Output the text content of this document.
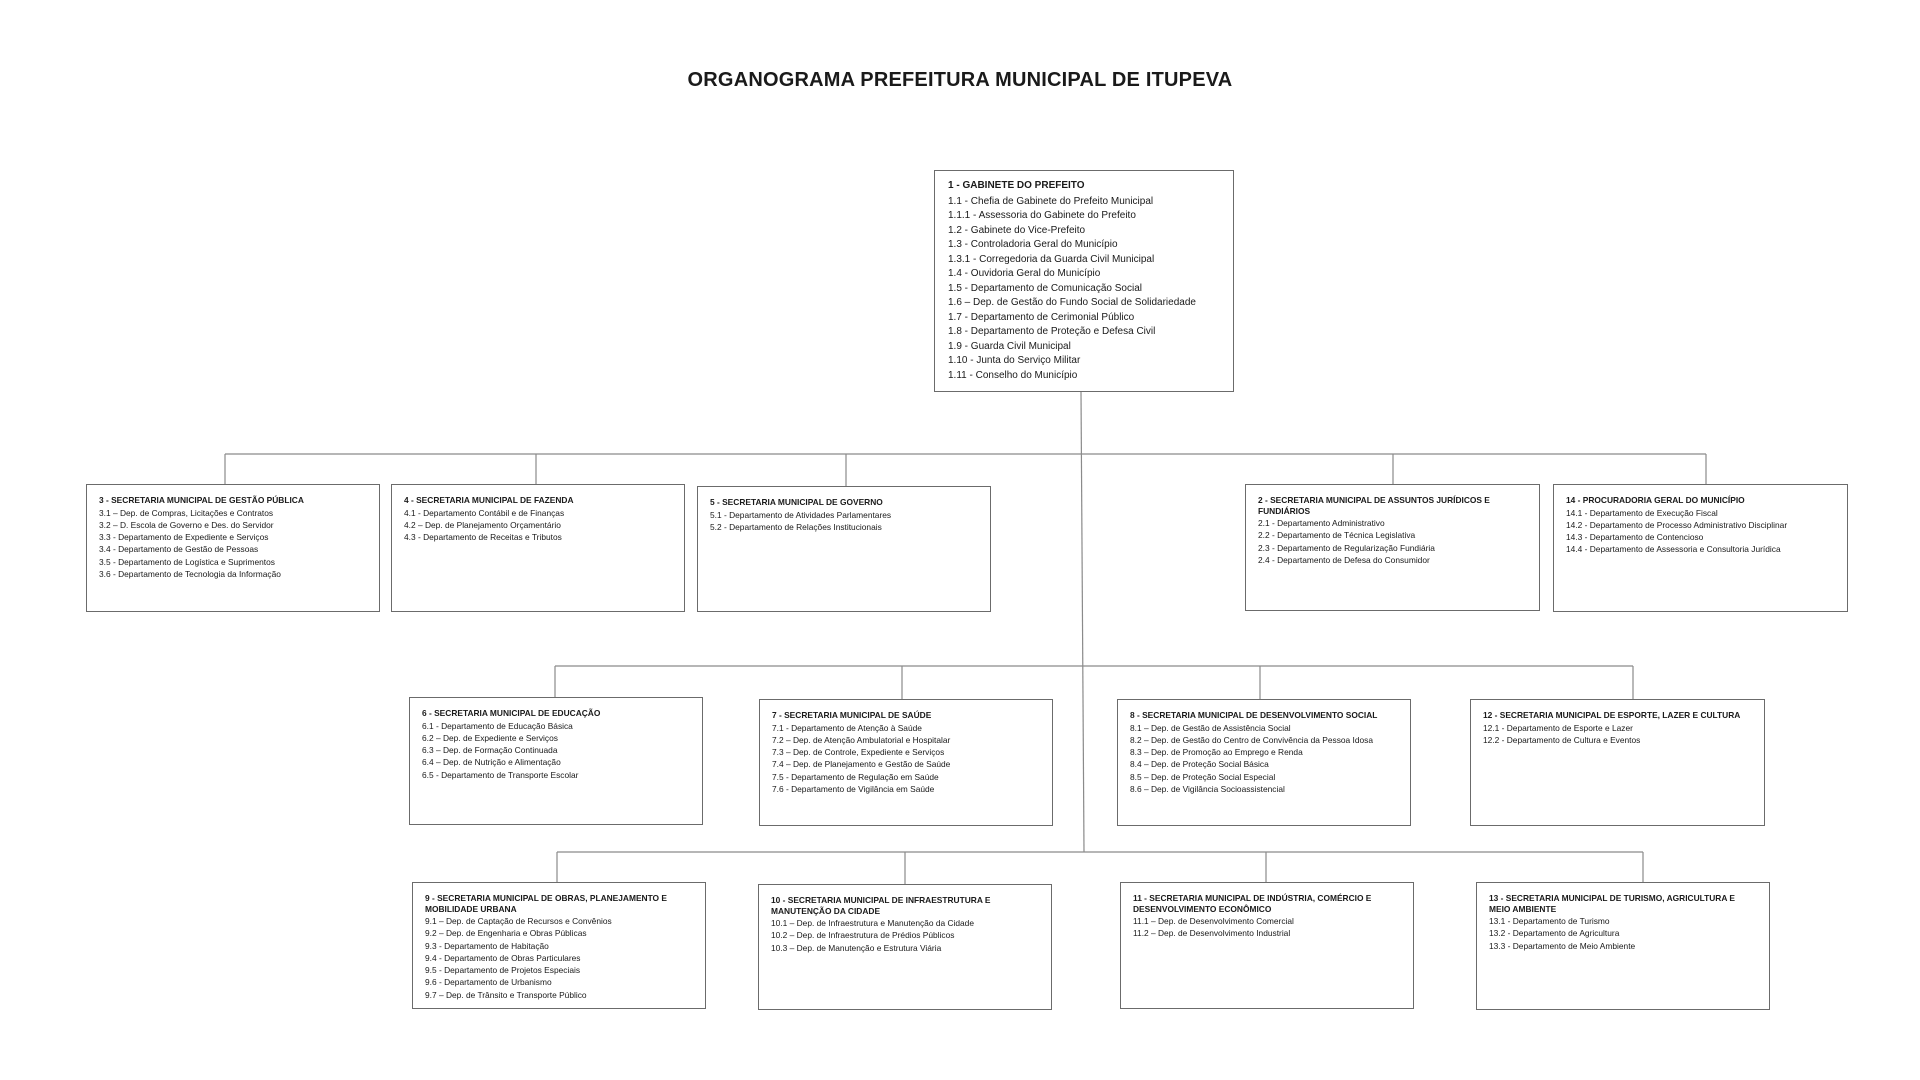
ORGANOGRAMA PREFEITURA MUNICIPAL DE ITUPEVA
1 - GABINETE DO PREFEITO
1.1 - Chefia de Gabinete do Prefeito Municipal
1.1.1 - Assessoria do Gabinete do Prefeito
1.2 - Gabinete do Vice-Prefeito
1.3 - Controladoria Geral do Município
1.3.1 - Corregedoria da Guarda Civil Municipal
1.4 - Ouvidoria Geral do Município
1.5 - Departamento de Comunicação Social
1.6 – Dep. de Gestão do Fundo Social de Solidariedade
1.7 - Departamento de Cerimonial Público
1.8 - Departamento de Proteção e Defesa Civil
1.9 - Guarda Civil Municipal
1.10 - Junta do Serviço Militar
1.11 - Conselho do Município
3 - SECRETARIA MUNICIPAL DE GESTÃO PÚBLICA
3.1 – Dep. de Compras, Licitações e Contratos
3.2 – D. Escola de Governo e Des. do Servidor
3.3 - Departamento de Expediente e Serviços
3.4 - Departamento de Gestão de Pessoas
3.5 - Departamento de Logística e Suprimentos
3.6 - Departamento de Tecnologia da Informação
4 - SECRETARIA MUNICIPAL DE FAZENDA
4.1 - Departamento Contábil e de Finanças
4.2 – Dep. de Planejamento Orçamentário
4.3 - Departamento de Receitas e Tributos
5 - SECRETARIA MUNICIPAL DE GOVERNO
5.1 - Departamento de Atividades Parlamentares
5.2 - Departamento de Relações Institucionais
2 - SECRETARIA MUNICIPAL DE ASSUNTOS JURÍDICOS E FUNDIÁRIOS
2.1 - Departamento Administrativo
2.2 - Departamento de Técnica Legislativa
2.3 - Departamento de Regularização Fundiária
2.4 - Departamento de Defesa do Consumidor
14 - PROCURADORIA GERAL DO MUNICÍPIO
14.1 - Departamento de Execução Fiscal
14.2 - Departamento de Processo Administrativo Disciplinar
14.3 - Departamento de Contencioso
14.4 - Departamento de Assessoria e Consultoria Jurídica
6 - SECRETARIA MUNICIPAL DE EDUCAÇÃO
6.1 - Departamento de Educação Básica
6.2 – Dep. de Expediente e Serviços
6.3 – Dep. de Formação Continuada
6.4 – Dep. de Nutrição e Alimentação
6.5 - Departamento de Transporte Escolar
7 - SECRETARIA MUNICIPAL DE SAÚDE
7.1 - Departamento de Atenção à Saúde
7.2 – Dep. de Atenção Ambulatorial e Hospitalar
7.3 – Dep. de Controle, Expediente e Serviços
7.4 – Dep. de Planejamento e Gestão de Saúde
7.5 - Departamento de Regulação em Saúde
7.6 - Departamento de Vigilância em Saúde
8 - SECRETARIA MUNICIPAL DE DESENVOLVIMENTO SOCIAL
8.1 – Dep. de Gestão de Assistência Social
8.2 – Dep. de Gestão do Centro de Convivência da Pessoa Idosa
8.3 – Dep. de Promoção ao Emprego e Renda
8.4 – Dep. de Proteção Social Básica
8.5 – Dep. de Proteção Social Especial
8.6 – Dep. de Vigilância Socioassistencial
12 - SECRETARIA MUNICIPAL DE ESPORTE, LAZER E CULTURA
12.1 - Departamento de Esporte e Lazer
12.2 - Departamento de Cultura e Eventos
9 - SECRETARIA MUNICIPAL DE OBRAS, PLANEJAMENTO E MOBILIDADE URBANA
9.1 – Dep. de Captação de Recursos e Convênios
9.2 – Dep. de Engenharia e Obras Públicas
9.3 - Departamento de Habitação
9.4 - Departamento de Obras Particulares
9.5 - Departamento de Projetos Especiais
9.6 - Departamento de Urbanismo
9.7 – Dep. de Trânsito e Transporte Público
10 - SECRETARIA MUNICIPAL DE INFRAESTRUTURA E MANUTENÇÃO DA CIDADE
10.1 – Dep. de Infraestrutura e Manutenção da Cidade
10.2 – Dep. de Infraestrutura de Prédios Públicos
10.3 – Dep. de Manutenção e Estrutura Viária
11 - SECRETARIA MUNICIPAL DE INDÚSTRIA, COMÉRCIO E DESENVOLVIMENTO ECONÔMICO
11.1 – Dep. de Desenvolvimento Comercial
11.2 – Dep. de Desenvolvimento Industrial
13 - SECRETARIA MUNICIPAL DE TURISMO, AGRICULTURA E MEIO AMBIENTE
13.1 - Departamento de Turismo
13.2 - Departamento de Agricultura
13.3 - Departamento de Meio Ambiente
